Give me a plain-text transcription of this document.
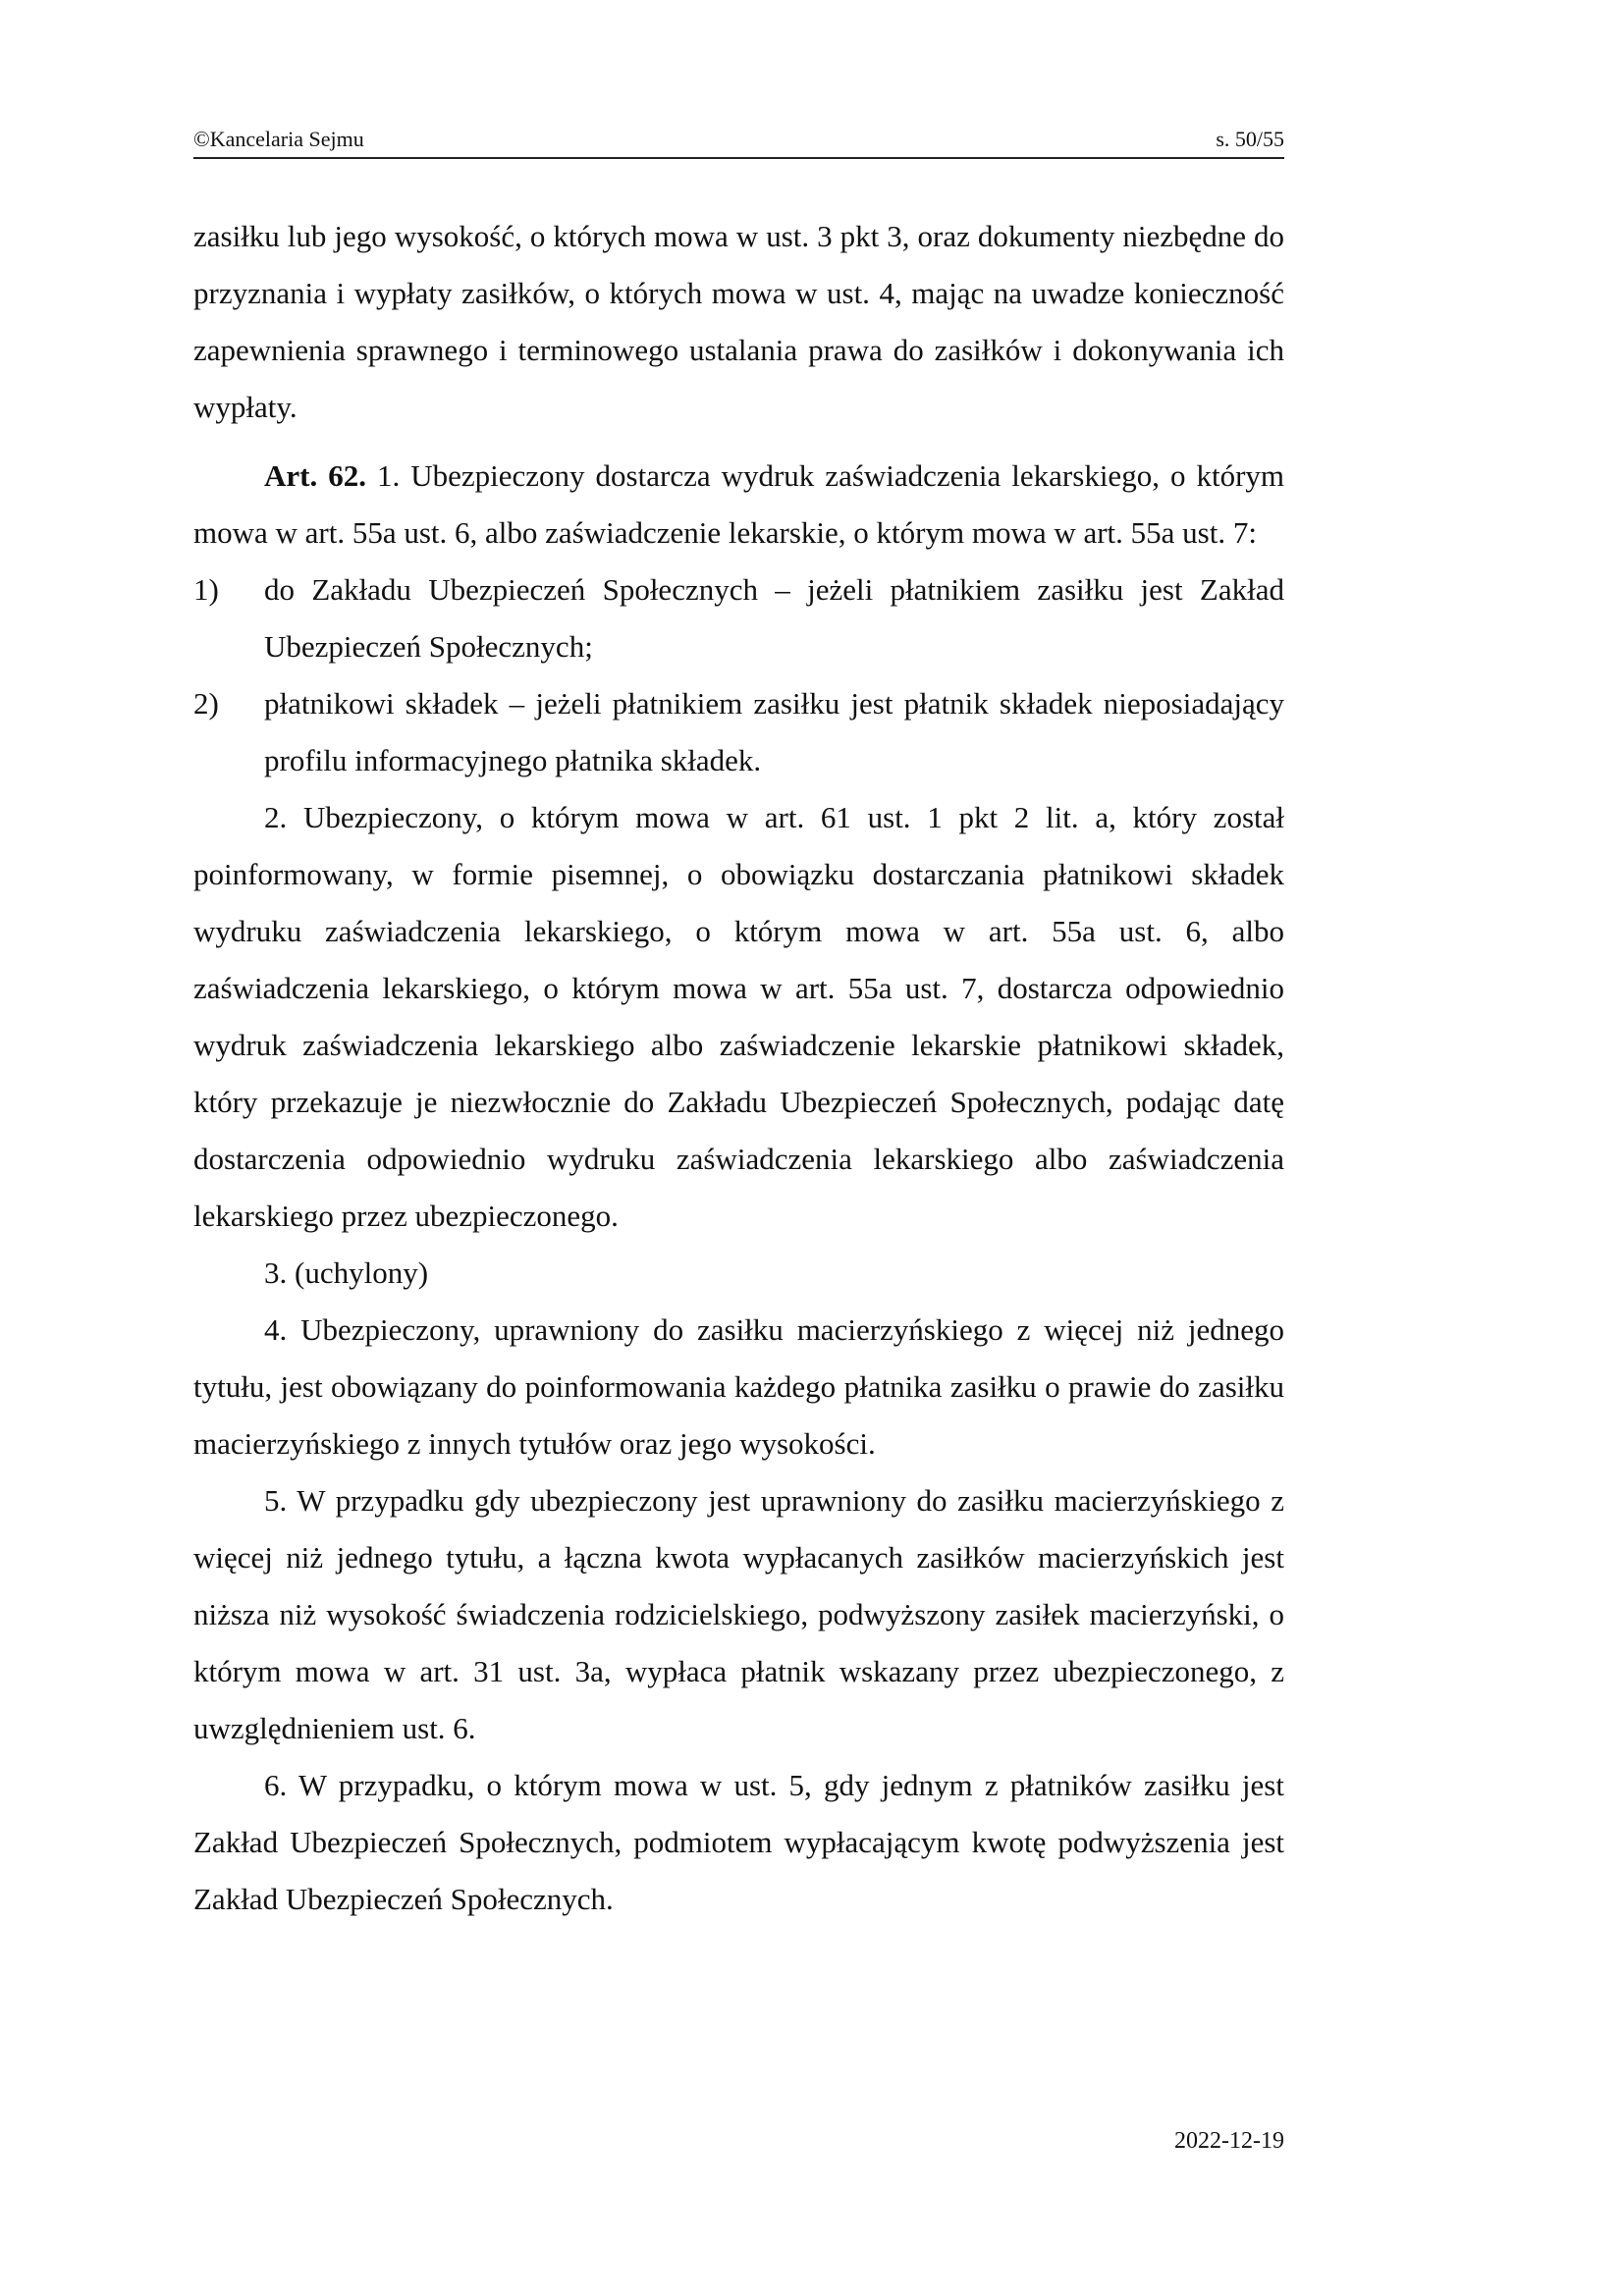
©Kancelaria Sejmu	s. 50/55

zasiłku lub jego wysokość, o których mowa w ust. 3 pkt 3, oraz dokumenty niezbędne do przyznania i wypłaty zasiłków, o których mowa w ust. 4, mając na uwadze konieczność zapewnienia sprawnego i terminowego ustalania prawa do zasiłków i dokonywania ich wypłaty.

Art. 62. 1. Ubezpieczony dostarcza wydruk zaświadczenia lekarskiego, o którym mowa w art. 55a ust. 6, albo zaświadczenie lekarskie, o którym mowa w art. 55a ust. 7:

1) do Zakładu Ubezpieczeń Społecznych – jeżeli płatnikiem zasiłku jest Zakład Ubezpieczeń Społecznych;
2) płatnikowi składek – jeżeli płatnikiem zasiłku jest płatnik składek nieposiadający profilu informacyjnego płatnika składek.

2. Ubezpieczony, o którym mowa w art. 61 ust. 1 pkt 2 lit. a, który został poinformowany, w formie pisemnej, o obowiązku dostarczania płatnikowi składek wydruku zaświadczenia lekarskiego, o którym mowa w art. 55a ust. 6, albo zaświadczenia lekarskiego, o którym mowa w art. 55a ust. 7, dostarcza odpowiednio wydruk zaświadczenia lekarskiego albo zaświadczenie lekarskie płatnikowi składek, który przekazuje je niezwłocznie do Zakładu Ubezpieczeń Społecznych, podając datę dostarczenia odpowiednio wydruku zaświadczenia lekarskiego albo zaświadczenia lekarskiego przez ubezpieczonego.

3. (uchylony)

4. Ubezpieczony, uprawniony do zasiłku macierzyńskiego z więcej niż jednego tytułu, jest obowiązany do poinformowania każdego płatnika zasiłku o prawie do zasiłku macierzyńskiego z innych tytułów oraz jego wysokości.

5. W przypadku gdy ubezpieczony jest uprawniony do zasiłku macierzyńskiego z więcej niż jednego tytułu, a łączna kwota wypłacanych zasiłków macierzyńskich jest niższa niż wysokość świadczenia rodzicielskiego, podwyższony zasiłek macierzyński, o którym mowa w art. 31 ust. 3a, wypłaca płatnik wskazany przez ubezpieczonego, z uwzględnieniem ust. 6.

6. W przypadku, o którym mowa w ust. 5, gdy jednym z płatników zasiłku jest Zakład Ubezpieczeń Społecznych, podmiotem wypłacającym kwotę podwyższenia jest Zakład Ubezpieczeń Społecznych.

2022-12-19
